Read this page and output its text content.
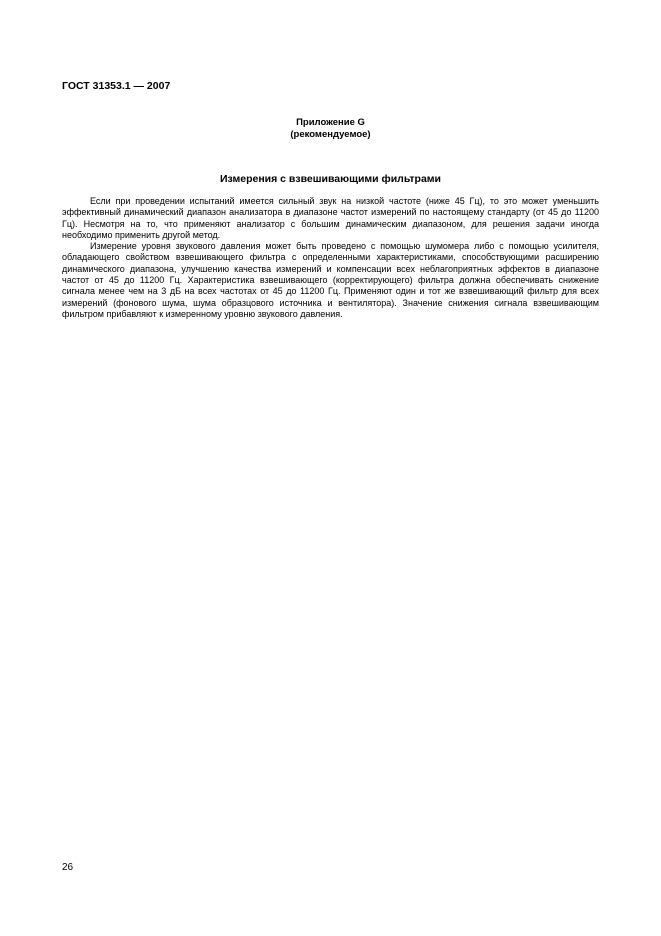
ГОСТ 31353.1 — 2007
Приложение G
(рекомендуемое)
Измерения с взвешивающими фильтрами

Если при проведении испытаний имеется сильный звук на низкой частоте (ниже 45 Гц), то это может уменьшить эффективный динамический диапазон анализатора в диапазоне частот измерений по настоящему стандарту (от 45 до 11200 Гц). Несмотря на то, что применяют анализатор с большим динамическим диапазоном, для решения задачи иногда необходимо применить другой метод.

Измерение уровня звукового давления может быть проведено с помощью шумомера либо с помощью усилителя, обладающего свойством взвешивающего фильтра с определенными характеристиками, способствующими расширению динамического диапазона, улучшению качества измерений и компенсации всех неблагоприятных эффектов в диапазоне частот от 45 до 11200 Гц. Характеристика взвешивающего (корректирующего) фильтра должна обеспечивать снижение сигнала менее чем на 3 дБ на всех частотах от 45 до 11200 Гц. Применяют один и тот же взвешивающий фильтр для всех измерений (фонового шума, шума образцового источника и вентилятора). Значение снижения сигнала взвешивающим фильтром прибавляют к измеренному уровню звукового давления.

26
